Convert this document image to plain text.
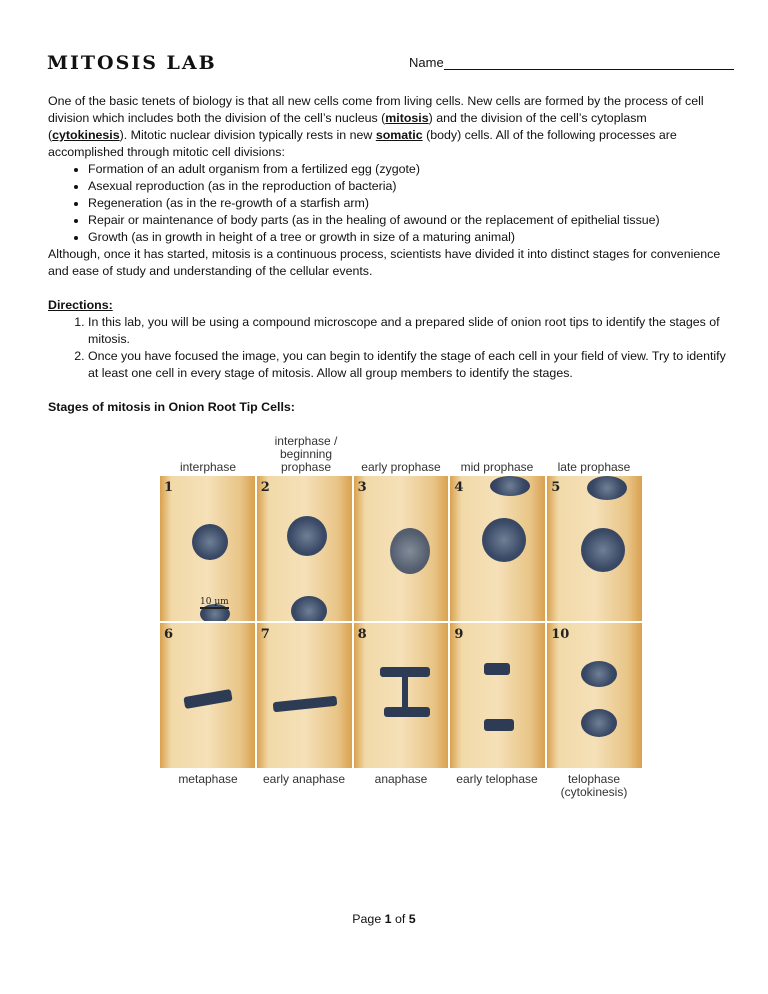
MITOSIS LAB	Name

One of the basic tenets of biology is that all new cells come from living cells. New cells are formed by the process of cell division which includes both the division of the cell’s nucleus (mitosis) and the division of the cell’s cytoplasm (cytokinesis). Mitotic nuclear division typically rests in new somatic (body) cells. All of the following processes are accomplished through mitotic cell divisions:

• Formation of an adult organism from a fertilized egg (zygote)
• Asexual reproduction (as in the reproduction of bacteria)
• Regeneration (as in the re-growth of a starfish arm)
• Repair or maintenance of body parts (as in the healing of awound or the replacement of epithelial tissue)
• Growth (as in growth in height of a tree or growth in size of a maturing animal)

Although, once it has started, mitosis is a continuous process, scientists have divided it into distinct stages for convenience and ease of study and understanding of the cellular events.

Directions:

1. In this lab, you will be using a compound microscope and a prepared slide of onion root tips to identify the stages of mitosis.
2. Once you have focused the image, you can begin to identify the stage of each cell in your field of view. Try to identify at least one cell in every stage of mitosis. Allow all group members to identify the stages.

Stages of mitosis in Onion Root Tip Cells:

interphase
interphase / beginning prophase	early prophase	mid prophase	late prophase
1
10 µm
2	3	4	5
6	7	8	9	10
metaphase	early anaphase	anaphase	early telophase	telophase (cytokinesis)
Page 1 of 5
